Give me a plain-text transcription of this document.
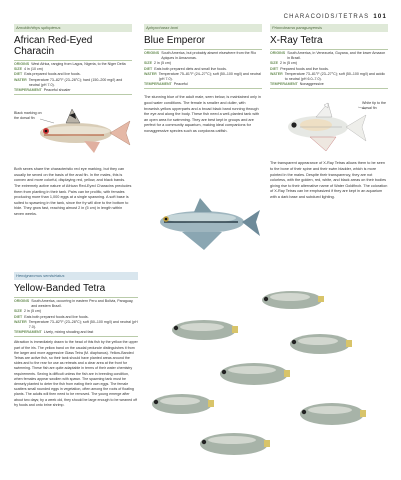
CHARACOIDS/TETRAS 101
Arnoldichthys spilopterus
African Red-Eyed Characin
ORIGINS West Africa, ranging from Lagos, Nigeria, to the Niger Delta
SIZE 4 in (10 cm)
DIET Eats prepared foods and live foods.
WATER Temperature 73–82°F (23–28°C); hard (150–200 mg/l) and neutral (pH 7.0).
TEMPERAMENT Peaceful shoaler
Black marking on the dorsal fin
Both sexes share the characteristic red eye marking, but they can usually be sexed on the basis of the anal fin. In the males, this is convex and more colorful, displaying red, yellow, and black bands. The extremely active nature of African Red-Eyed Characins precludes them from planting in their tank. Pairs can be prolific, with females producing more than 1,000 eggs at a single spawning. A soft base is suited to spawning in the tank, since the fry will dive to the bottom to hide. They grow fast, reaching almost 2 in (5 cm) in length within seven weeks.
Aphyocharax boni
Blue Emperor
ORIGINS South America, but probably absent elsewhere from the Rio Apiques in Amazonas.
SIZE 2 in (5 cm)
DIET Eats both prepared diets and small live foods.
WATER Temperature 75–81°F (24–27°C); soft (50–100 mg/l) and neutral (pH 7.0).
TEMPERAMENT Peaceful
The stunning blue of the adult male, seen below, is maintained only in good water conditions. The female is smaller and duller, with brownish-yellow upperparts and a broad black band running through the eye and along the body. These fish need a well-planted tank with an open area for swimming. They are best kept in groups and are perfect for a community aquarium, making ideal companions for nonaggressive species such as corydoras catfish.
Prionobrama paraguayensis
X-Ray Tetra
ORIGINS South America, in Venezuela, Guyana, and the lower Amazon in Brazil.
SIZE 2 in (5 cm)
DIET Prepared foods and live foods.
WATER Temperature 73–81°F (23–27°C); soft (50–100 mg/l) and acidic to neutral (pH 6.0–7.0).
TEMPERAMENT Nonaggressive
White tip to the dorsal fin
The transparent appearance of X-Ray Tetras allows them to be seen to the bone of their spine and their swim bladder, which is more pointed in the males. Despite their transparency, they are not colorless, with the golden, red, white, and black areas on their bodies giving rise to their alternative name of Water Goldfinch. The coloration of X-Ray Tetras can be emphasized if they are kept in an aquarium with a dark base and subdued lighting.
Hemigrammus semistriatus
Yellow-Banded Tetra
ORIGINS South America, occurring in eastern Peru and Bolivia, Paraguay, and western Brazil.
SIZE 2 in (5 cm)
DIET Eats both prepared foods and live foods.
WATER Temperature 73–82°F (23–28°C); soft (50–100 mg/l) and neutral (pH 7.0).
TEMPERAMENT Lively, mixing shoaling and fast
Attraction is immediately drawn to the head of this fish by the yellow the upper part of the iris. The yellow band on the caudal peduncle distinguishes it from the larger and more aggressive Glass Tetra (M. diaphanus). Yellow-Banded Tetras are active fish, so their tank should have planted areas around the sides and to the rear for use as retreats and a clear area at the front for swimming. These fish are quite adaptable in terms of their water chemistry requirements. Sexing is difficult unless the fish are in breeding condition, when females appear swollen with spawn. The spawning tank must be densely planted to deter the fish from eating their own eggs. The female scatters small rounded eggs in vegetation, often among the roots of floating plants. The adults will then need to be removed. The young emerge after about two days; by a week old, they should be large enough to be weaned off fry foods and onto brine shrimp.
